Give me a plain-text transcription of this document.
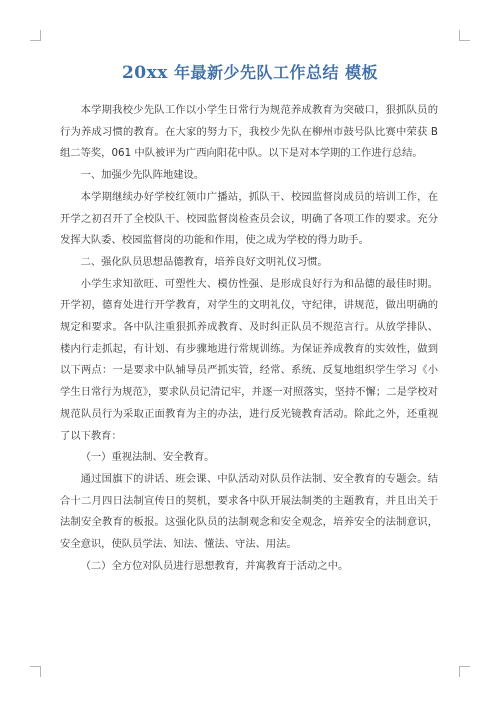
20xx 年最新少先队工作总结 模板

本学期我校少先队工作以小学生日常行为规范养成教育为突破口，狠抓队员的行为养成习惯的教育。在大家的努力下，我校少先队在柳州市鼓号队比赛中荣获 B 组二等奖，061 中队被评为广西向阳花中队。以下是对本学期的工作进行总结。

一、加强少先队阵地建设。

本学期继续办好学校红领巾广播站，抓队干、校园监督岗成员的培训工作，在开学之初召开了全校队干、校园监督岗检查员会议，明确了各项工作的要求。充分发挥大队委、校园监督岗的功能和作用，使之成为学校的得力助手。

二、强化队员思想品德教育，培养良好文明礼仪习惯。

小学生求知欲旺、可塑性大、模仿性强、是形成良好行为和品德的最佳时期。开学初，德育处进行开学教育，对学生的文明礼仪，守纪律，讲规范，做出明确的规定和要求。各中队注重狠抓养成教育、及时纠正队员不规范言行。从放学排队、楼内行走抓起，有计划、有步骤地进行常规训练。为保证养成教育的实效性，做到以下两点：一是要求中队辅导员严抓实管，经常、系统、反复地组织学生学习《小学生日常行为规范》，要求队员记清记牢，并逐一对照落实，坚持不懈；二是学校对规范队员行为采取正面教育为主的办法，进行反光镜教育活动。除此之外，还重视了以下教育：

（一）重视法制、安全教育。

通过国旗下的讲话、班会课、中队活动对队员作法制、安全教育的专题会。结合十二月四日法制宣传日的契机，要求各中队开展法制类的主题教育，并且出关于法制安全教育的板报。这强化队员的法制观念和安全观念，培养安全的法制意识，安全意识，使队员学法、知法、懂法、守法、用法。

（二）全方位对队员进行思想教育，并寓教育于活动之中。
